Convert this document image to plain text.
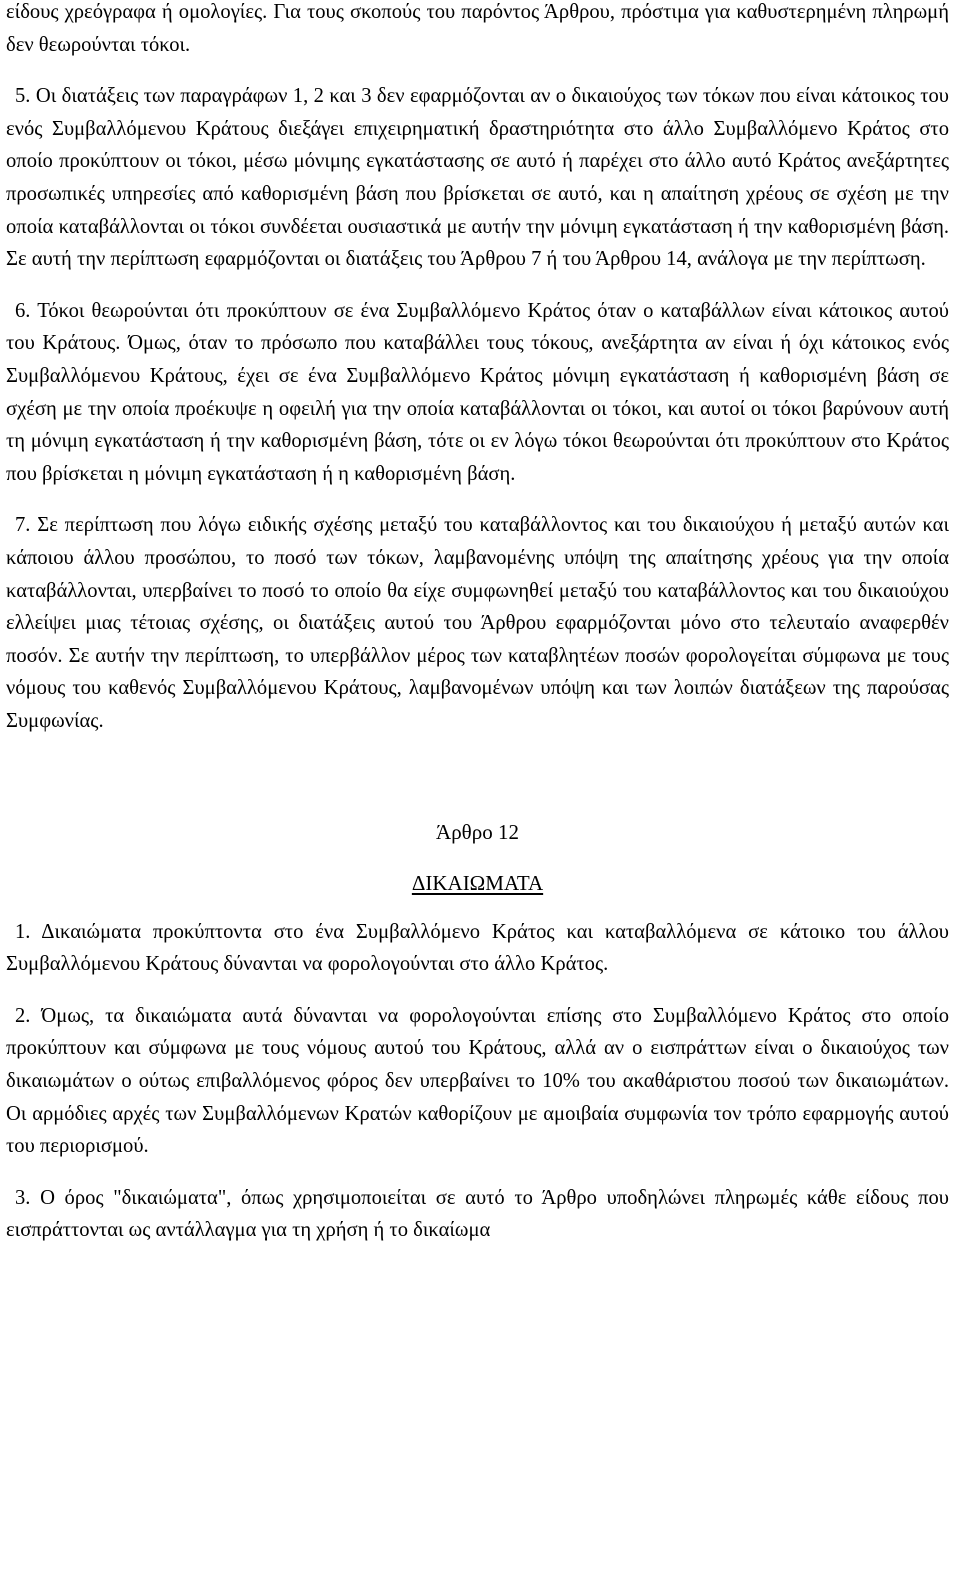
είδους χρεόγραφα ή ομολογίες. Για τους σκοπούς του παρόντος Άρθρου, πρόστιμα για καθυστερημένη πληρωμή δεν θεωρούνται τόκοι.

5. Οι διατάξεις των παραγράφων 1, 2 και 3 δεν εφαρμόζονται αν ο δικαιούχος των τόκων που είναι κάτοικος του ενός Συμβαλλόμενου Κράτους διεξάγει επιχειρηματική δραστηριότητα στο άλλο Συμβαλλόμενο Κράτος στο οποίο προκύπτουν οι τόκοι, μέσω μόνιμης εγκατάστασης σε αυτό ή παρέχει στο άλλο αυτό Κράτος ανεξάρτητες προσωπικές υπηρεσίες από καθορισμένη βάση που βρίσκεται σε αυτό, και η απαίτηση χρέους σε σχέση με την οποία καταβάλλονται οι τόκοι συνδέεται ουσιαστικά με αυτήν την μόνιμη εγκατάσταση ή την καθορισμένη βάση. Σε αυτή την περίπτωση εφαρμόζονται οι διατάξεις του Άρθρου 7 ή του Άρθρου 14, ανάλογα με την περίπτωση.

6. Τόκοι θεωρούνται ότι προκύπτουν σε ένα Συμβαλλόμενο Κράτος όταν ο καταβάλλων είναι κάτοικος αυτού του Κράτους. Όμως, όταν το πρόσωπο που καταβάλλει τους τόκους, ανεξάρτητα αν είναι ή όχι κάτοικος ενός Συμβαλλόμενου Κράτους, έχει σε ένα Συμβαλλόμενο Κράτος μόνιμη εγκατάσταση ή καθορισμένη βάση σε σχέση με την οποία προέκυψε η οφειλή για την οποία καταβάλλονται οι τόκοι, και αυτοί οι τόκοι βαρύνουν αυτή τη μόνιμη εγκατάσταση ή την καθορισμένη βάση, τότε οι εν λόγω τόκοι θεωρούνται ότι προκύπτουν στο Κράτος που βρίσκεται η μόνιμη εγκατάσταση ή η καθορισμένη βάση.

7. Σε περίπτωση που λόγω ειδικής σχέσης μεταξύ του καταβάλλοντος και του δικαιούχου ή μεταξύ αυτών και κάποιου άλλου προσώπου, το ποσό των τόκων, λαμβανομένης υπόψη της απαίτησης χρέους για την οποία καταβάλλονται, υπερβαίνει το ποσό το οποίο θα είχε συμφωνηθεί μεταξύ του καταβάλλοντος και του δικαιούχου ελλείψει μιας τέτοιας σχέσης, οι διατάξεις αυτού του Άρθρου εφαρμόζονται μόνο στο τελευταίο αναφερθέν ποσόν. Σε αυτήν την περίπτωση, το υπερβάλλον μέρος των καταβλητέων ποσών φορολογείται σύμφωνα με τους νόμους του καθενός Συμβαλλόμενου Κράτους, λαμβανομένων υπόψη και των λοιπών διατάξεων της παρούσας Συμφωνίας.

Άρθρο 12

ΔΙΚΑΙΩΜΑΤΑ

1. Δικαιώματα προκύπτοντα στο ένα Συμβαλλόμενο Κράτος και καταβαλλόμενα σε κάτοικο του άλλου Συμβαλλόμενου Κράτους δύνανται να φορολογούνται στο άλλο Κράτος.

2. Όμως, τα δικαιώματα αυτά δύνανται να φορολογούνται επίσης στο Συμβαλλόμενο Κράτος στο οποίο προκύπτουν και σύμφωνα με τους νόμους αυτού του Κράτους, αλλά αν ο εισπράττων είναι ο δικαιούχος των δικαιωμάτων ο ούτως επιβαλλόμενος φόρος δεν υπερβαίνει το 10% του ακαθάριστου ποσού των δικαιωμάτων. Οι αρμόδιες αρχές των Συμβαλλόμενων Κρατών καθορίζουν με αμοιβαία συμφωνία τον τρόπο εφαρμογής αυτού του περιορισμού.

3. Ο όρος "δικαιώματα", όπως χρησιμοποιείται σε αυτό το Άρθρο υποδηλώνει πληρωμές κάθε είδους που εισπράττονται ως αντάλλαγμα για τη χρήση ή το δικαίωμα
